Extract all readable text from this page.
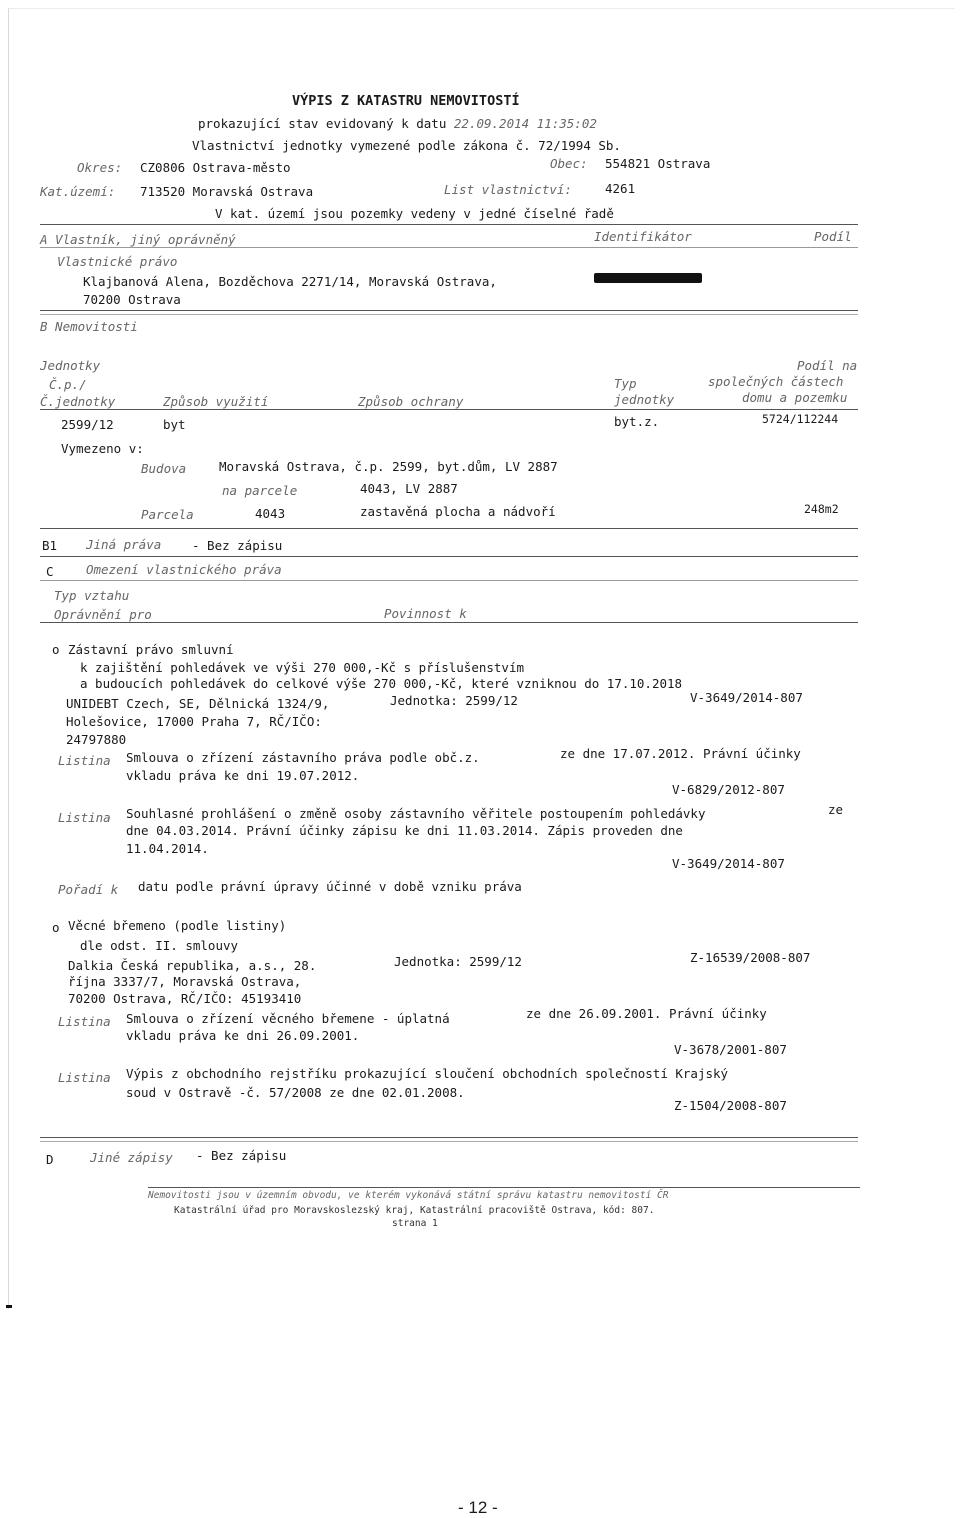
VÝPIS Z KATASTRU NEMOVITOSTÍ
prokazující stav evidovaný k datu 22.09.2014 11:35:02
Vlastnictví jednotky vymezené podle zákona č. 72/1994 Sb.
Okres: CZ0806 Ostrava-město	Obec: 554821 Ostrava
Kat.území: 713520 Moravská Ostrava	List vlastnictví:	4261
V kat. území jsou pozemky vedeny v jedné číselné řadě
A Vlastník, jiný oprávněný	Identifikátor	Podíl
Vlastnické právo
Klajbanová Alena, Bozděchova 2271/14, Moravská Ostrava,
70200 Ostrava
B Nemovitosti
Jednotky
Č.p./
Č.jednotky	Způsob využití	Způsob ochrany
Typ
jednotky
Podíl na
společných částech
domu a pozemku
2599/12	byt	byt.z.	5724/112244
Vymezeno v:
Budova	Moravská Ostrava, č.p. 2599, byt.dům, LV 2887
na parcele	4043, LV 2887
Parcela	4043	zastavěná plocha a nádvoří	248m2
B1 Jiná práva - Bez zápisu
C	Omezení vlastnického práva
Typ vztahu
Oprávnění pro	Povinnost k
o Zástavní právo smluvní
k zajištění pohledávek ve výši 270 000,-Kč s příslušenstvím
a budoucích pohledávek do celkové výše 270 000,-Kč, které vzniknou do 17.10.2018
UNIDEBT Czech, SE, Dělnická 1324/9,	Jednotka: 2599/12	V-3649/2014-807
Holešovice, 17000 Praha 7, RČ/IČO:
24797880
Listina Smlouva o zřízení zástavního práva podle obč.z.	ze dne 17.07.2012. Právní účinky
vkladu práva ke dni 19.07.2012.
V-6829/2012-807
Listina Souhlasné prohlášení o změně osoby zástavního věřitele postoupením pohledávky	ze
dne 04.03.2014. Právní účinky zápisu ke dni 11.03.2014. Zápis proveden dne
11.04.2014.
V-3649/2014-807
Pořadí k datu podle právní úpravy účinné v době vzniku práva
o Věcné břemeno (podle listiny)
dle odst. II. smlouvy
Dalkia Česká republika, a.s., 28.	Jednotka: 2599/12	Z-16539/2008-807
října 3337/7, Moravská Ostrava,
70200 Ostrava, RČ/IČO: 45193410
Listina Smlouva o zřízení věcného břemene - úplatná	ze dne 26.09.2001. Právní účinky
vkladu práva ke dni 26.09.2001.
V-3678/2001-807
Listina Výpis z obchodního rejstříku prokazující sloučení obchodních společností Krajský
soud v Ostravě -č. 57/2008 ze dne 02.01.2008.
Z-1504/2008-807
D	Jiné zápisy - Bez zápisu
Nemovitosti jsou v územním obvodu, ve kterém vykonává státní správu katastru nemovitostí ČR
Katastrální úřad pro Moravskoslezský kraj, Katastrální pracoviště Ostrava, kód: 807.
strana 1
- 12 -
